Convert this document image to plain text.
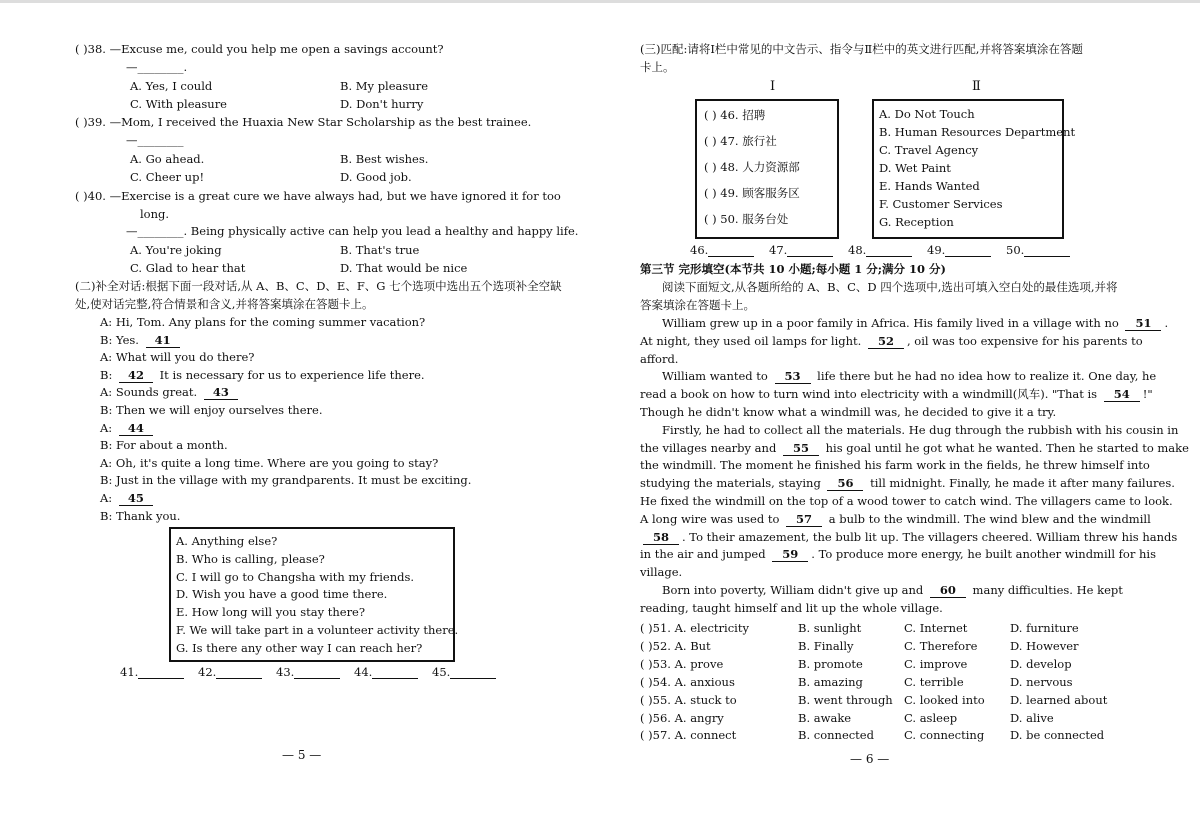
( )38. —Excuse me, could you help me open a savings account?
—________.
A. Yes, I could	B. My pleasure
C. With pleasure	D. Don't hurry
( )39. —Mom, I received the Huaxia New Star Scholarship as the best trainee.
—________
A. Go ahead.	B. Best wishes.
C. Cheer up!	D. Good job.
( )40. —Exercise is a great cure we have always had, but we have ignored it for too
long.
—________. Being physically active can help you lead a healthy and happy life.
A. You're joking	B. That's true
C. Glad to hear that	D. That would be nice
(二)补全对话:根据下面一段对话,从 A、B、C、D、E、F、G 七个选项中选出五个选项补全空缺
处,使对话完整,符合情景和含义,并将答案填涂在答题卡上。
A: Hi, Tom. Any plans for the coming summer vacation?
B: Yes. 41
A: What will you do there?
B: 42 It is necessary for us to experience life there.
A: Sounds great. 43
B: Then we will enjoy ourselves there.
A: 44
B: For about a month.
A: Oh, it's quite a long time. Where are you going to stay?
B: Just in the village with my grandparents. It must be exciting.
A: 45
B: Thank you.
A. Anything else?
B. Who is calling, please?
C. I will go to Changsha with my friends.
D. Wish you have a good time there.
E. How long will you stay there?
F. We will take part in a volunteer activity there.
G. Is there any other way I can reach her?
41.	42.	43.	44.	45.
— 5 —
(三)匹配:请将Ⅰ栏中常见的中文告示、指令与Ⅱ栏中的英文进行匹配,并将答案填涂在答题
卡上。
Ⅰ	Ⅱ
( ) 46. 招聘
( ) 47. 旅行社
( ) 48. 人力资源部
( ) 49. 顾客服务区
( ) 50. 服务台处
A. Do Not Touch
B. Human Resources Department
C. Travel Agency
D. Wet Paint
E. Hands Wanted
F. Customer Services
G. Reception
46.	47.	48.	49.	50.
第三节 完形填空(本节共 10 小题;每小题 1 分;满分 10 分)
阅读下面短文,从各题所给的 A、B、C、D 四个选项中,选出可填入空白处的最佳选项,并将
答案填涂在答题卡上。
William grew up in a poor family in Africa. His family lived in a village with no 51 .
At night, they used oil lamps for light. 52 , oil was too expensive for his parents to
afford.
William wanted to 53 life there but he had no idea how to realize it. One day, he
read a book on how to turn wind into electricity with a windmill(风车). "That is 54 !"
Though he didn't know what a windmill was, he decided to give it a try.
Firstly, he had to collect all the materials. He dug through the rubbish with his cousin in
the villages nearby and 55 his goal until he got what he wanted. Then he started to make
the windmill. The moment he finished his farm work in the fields, he threw himself into
studying the materials, staying 56 till midnight. Finally, he made it after many failures.
He fixed the windmill on the top of a wood tower to catch wind. The villagers came to look.
A long wire was used to 57 a bulb to the windmill. The wind blew and the windmill
58 . To their amazement, the bulb lit up. The villagers cheered. William threw his hands
in the air and jumped 59 . To produce more energy, he built another windmill for his
village.
Born into poverty, William didn't give up and 60 many difficulties. He kept
reading, taught himself and lit up the whole village.
( )51. A. electricity	B. sunlight	C. Internet	D. furniture
( )52. A. But	B. Finally	C. Therefore	D. However
( )53. A. prove	B. promote	C. improve	D. develop
( )54. A. anxious	B. amazing	C. terrible	D. nervous
( )55. A. stuck to	B. went through C. looked into D. learned about
( )56. A. angry	B. awake	C. asleep	D. alive
( )57. A. connect	B. connected	C. connecting D. be connected
— 6 —
